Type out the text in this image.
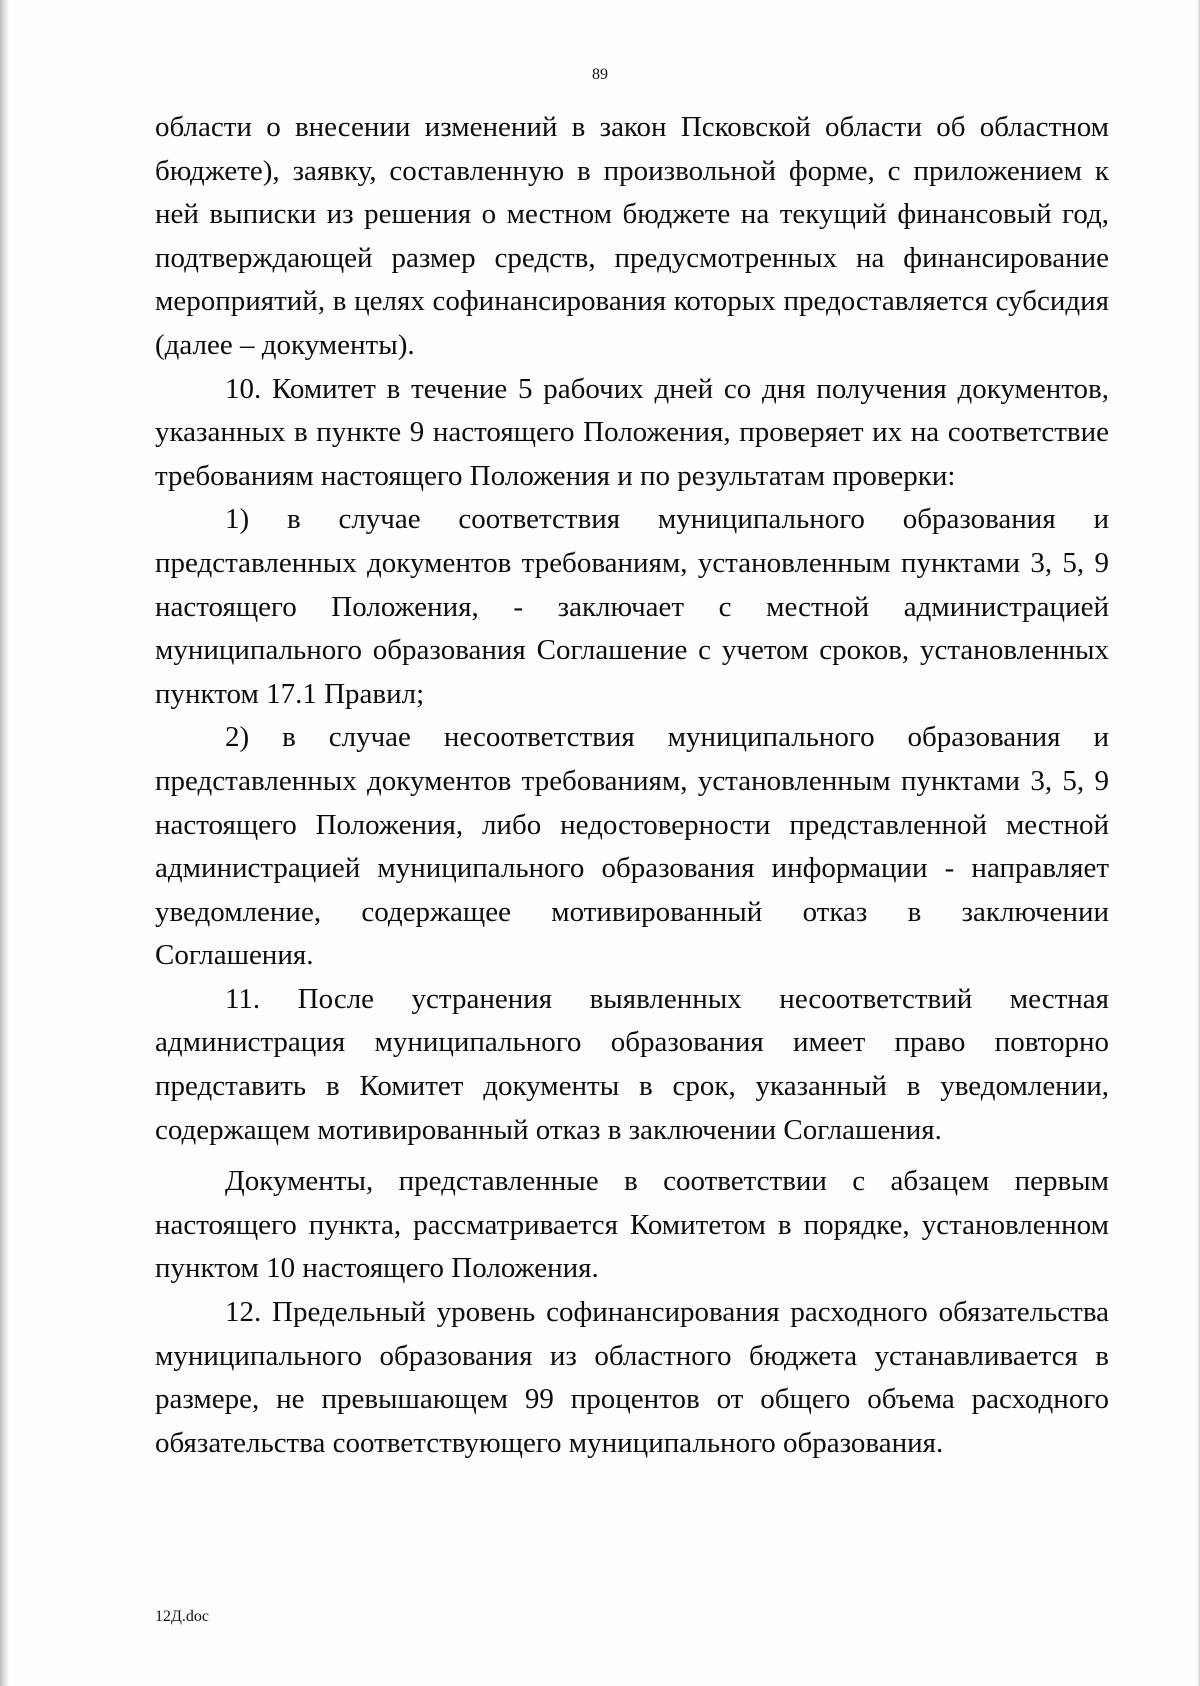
89

области о внесении изменений в закон Псковской области об областном бюджете), заявку, составленную в произвольной форме, с приложением к ней выписки из решения о местном бюджете на текущий финансовый год, подтверждающей размер средств, предусмотренных на финансирование мероприятий, в целях софинансирования которых предоставляется субсидия (далее – документы).

10. Комитет в течение 5 рабочих дней со дня получения документов, указанных в пункте 9 настоящего Положения, проверяет их на соответствие требованиям настоящего Положения и по результатам проверки:

1) в случае соответствия муниципального образования и представленных документов требованиям, установленным пунктами 3, 5, 9 настоящего Положения, - заключает с местной администрацией муниципального образования Соглашение с учетом сроков, установленных пунктом 17.1 Правил;

2) в случае несоответствия муниципального образования и представленных документов требованиям, установленным пунктами 3, 5, 9 настоящего Положения, либо недостоверности представленной местной администрацией муниципального образования информации - направляет уведомление, содержащее мотивированный отказ в заключении Соглашения.

11. После устранения выявленных несоответствий местная администрация муниципального образования имеет право повторно представить в Комитет документы в срок, указанный в уведомлении, содержащем мотивированный отказ в заключении Соглашения.

Документы, представленные в соответствии с абзацем первым настоящего пункта, рассматривается Комитетом в порядке, установленном пунктом 10 настоящего Положения.

12. Предельный уровень софинансирования расходного обязательства муниципального образования из областного бюджета устанавливается в размере, не превышающем 99 процентов от общего объема расходного обязательства соответствующего муниципального образования.

12Д.doc
